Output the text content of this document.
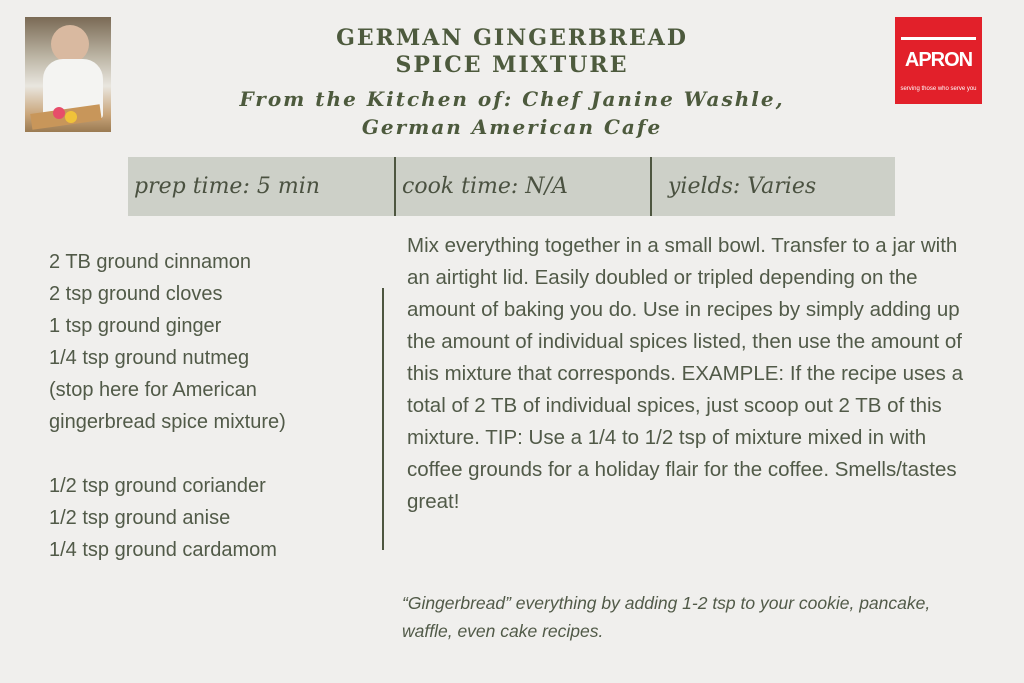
GERMAN GINGERBREAD
SPICE MIXTURE
From the Kitchen of: Chef Janine Washle,
German American Cafe
APRON
serving those who serve you
prep time: 5 min	cook time: N/A	yields: Varies
2 TB ground cinnamon
2 tsp ground cloves
1 tsp ground ginger
1/4 tsp ground nutmeg
(stop here for American
gingerbread spice mixture)
1/2 tsp ground coriander
1/2 tsp ground anise
1/4 tsp ground cardamom
Mix everything together in a small bowl. Transfer to a jar with an airtight lid. Easily doubled or tripled depending on the amount of baking you do. Use in recipes by simply adding up the amount of individual spices listed, then use the amount of this mixture that corresponds. EXAMPLE: If the recipe uses a total of 2 TB of individual spices, just scoop out 2 TB of this mixture. TIP: Use a 1/4 to 1/2 tsp of mixture mixed in with coffee grounds for a holiday flair for the coffee. Smells/tastes great!
“Gingerbread” everything by adding 1-2 tsp to your cookie, pancake, waffle, even cake recipes.
